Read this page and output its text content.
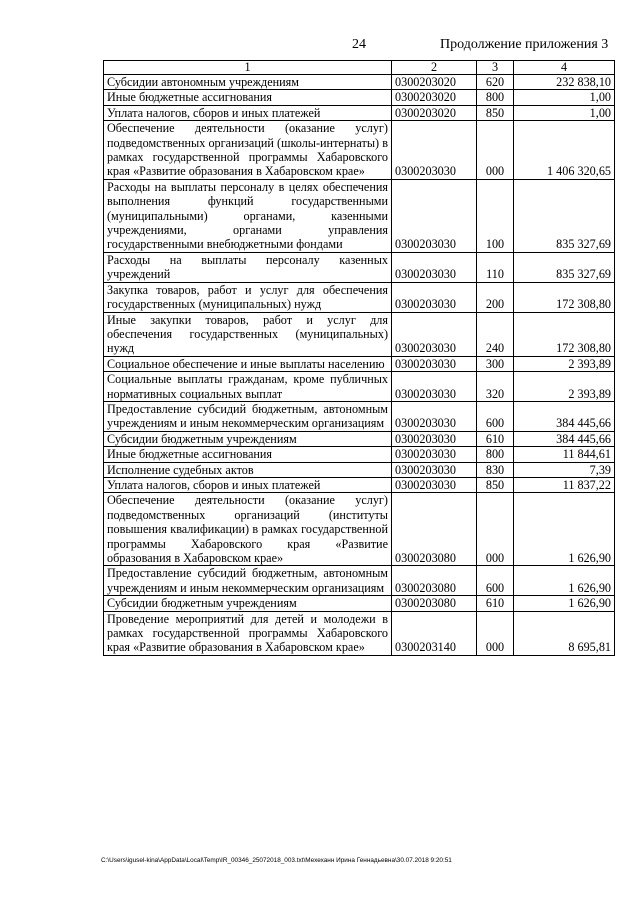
24	Продолжение приложения 3
1	2	3	4
Субсидии автономным учреждениям	0300203020	620	232 838,10
Иные бюджетные ассигнования	0300203020	800	1,00
Уплата налогов, сборов и иных платежей	0300203020	850	1,00
Обеспечение деятельности (оказание услуг) подведомственных организаций (школы-интернаты) в рамках государственной программы Хабаровского края «Развитие образования в Хабаровском крае»	0300203030	000	1 406 320,65
Расходы на выплаты персоналу в целях обеспечения выполнения функций государственными (муниципальными) органами, казенными учреждениями, органами управления государственными внебюджетными фондами	0300203030	100	835 327,69
Расходы на выплаты персоналу казенных учреждений	0300203030	110	835 327,69
Закупка товаров, работ и услуг для обеспечения государственных (муниципальных) нужд	0300203030	200	172 308,80
Иные закупки товаров, работ и услуг для обеспечения государственных (муниципальных) нужд	0300203030	240	172 308,80
Социальное обеспечение и иные выплаты населению	0300203030	300	2 393,89
Социальные выплаты гражданам, кроме публичных нормативных социальных выплат	0300203030	320	2 393,89
Предоставление субсидий бюджетным, автономным учреждениям и иным некоммерческим организациям	0300203030	600	384 445,66
Субсидии бюджетным учреждениям	0300203030	610	384 445,66
Иные бюджетные ассигнования	0300203030	800	11 844,61
Исполнение судебных актов	0300203030	830	7,39
Уплата налогов, сборов и иных платежей	0300203030	850	11 837,22
Обеспечение деятельности (оказание услуг) подведомственных организаций (институты повышения квалификации) в рамках государственной программы Хабаровского края «Развитие образования в Хабаровском крае»	0300203080	000	1 626,90
Предоставление субсидий бюджетным, автономным учреждениям и иным некоммерческим организациям	0300203080	600	1 626,90
Субсидии бюджетным учреждениям	0300203080	610	1 626,90
Проведение мероприятий для детей и молодежи в рамках государственной программы Хабаровского края «Развитие образования в Хабаровском крае»	0300203140	000	8 695,81
C:\Users\igusel-kina\AppData\Local\Temp\IR_00346_25072018_003.txt\Мехеханн Ирина Геннадьевна\30.07.2018 9:20:51
